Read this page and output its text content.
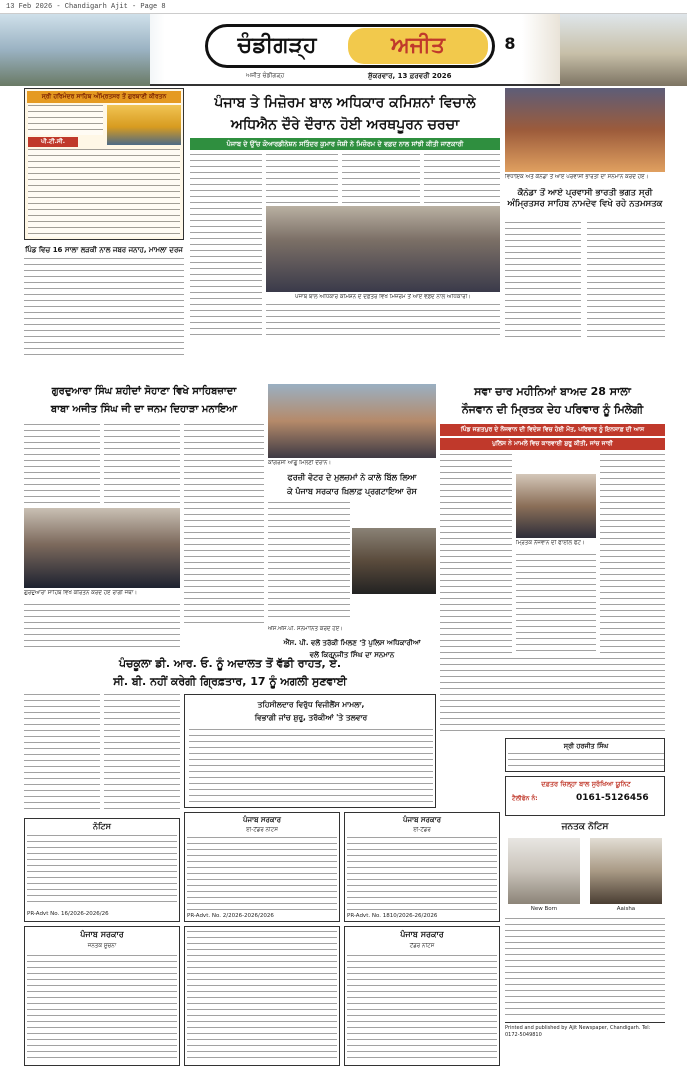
13 Feb 2026 - Chandigarh Ajit - Page 8
ਚੰਡੀਗੜ੍ਹ	ਅਜੀਤ
ਅਜੀਤ ਚੰਡੀਗੜ੍ਹ	ਸ਼ੁੱਕਰਵਾਰ, 13 ਫ਼ਰਵਰੀ 2026
8
ਸ੍ਰੀ ਹਰਿਮੰਦਰ ਸਾਹਿਬ ਅੰਮ੍ਰਿਤਸਰ ਤੋਂ ਗੁਰਬਾਣੀ ਕੀਰਤਨ
ਪੀ.ਟੀ.ਸੀ.
ਪਿੰਡ ਵਿਚ 16 ਸਾਲਾ ਲੜਕੀ ਨਾਲ ਜਬਰ ਜਨਾਹ, ਮਾਮਲਾ ਦਰਜ
ਪੰਜਾਬ ਤੇ ਮਿਜ਼ੋਰਮ ਬਾਲ ਅਧਿਕਾਰ ਕਮਿਸ਼ਨਾਂ ਵਿਚਾਲੇ
ਅਧਿਐਨ ਦੌਰੇ ਦੌਰਾਨ ਹੋਈ ਅਰਥਪੂਰਨ ਚਰਚਾ
ਪੰਜਾਬ ਦੇ ਉੱਚ ਕੋਆਰਡੀਨੇਸ਼ਨ ਸਤਿੰਦਰ ਕੁਮਾਰ ਜੋਸ਼ੀ ਨੇ ਮਿਜ਼ੋਰਮ ਦੇ ਵਫ਼ਦ ਨਾਲ ਸਾਂਝੀ ਕੀਤੀ ਜਾਣਕਾਰੀ
ਪੰਜਾਬ ਬਾਲ ਅਧਿਕਾਰ ਕਮਿਸ਼ਨ ਦੇ ਦਫ਼ਤਰ ਵਿਖੇ ਮਿਜ਼ੋਰਮ ਤੋਂ ਆਏ ਵਫ਼ਦ ਨਾਲ ਅਧਿਕਾਰੀ।
ਵਿਧਾਇਕ ਅਤੇ ਕੈਨੇਡਾ ਤੋਂ ਆਏ ਪਰਵਾਸੀ ਭਾਰਤੀ ਦਾ ਸਨਮਾਨ ਕਰਦੇ ਹੋਏ।
ਕੈਨੇਡਾ ਤੋਂ ਆਏ ਪ੍ਰਵਾਸੀ ਭਾਰਤੀ ਭਗਤ ਸ੍ਰੀ ਅੰਮ੍ਰਿਤਸਰ ਸਾਹਿਬ ਨਾਮਦੇਵ ਵਿਖੇ ਰਹੇ ਨਤਮਸਤਕ
ਗੁਰਦੁਆਰਾ ਸਿੰਘ ਸ਼ਹੀਦਾਂ ਸੋਹਾਣਾ ਵਿਖੇ ਸਾਹਿਬਜ਼ਾਦਾ
ਬਾਬਾ ਅਜੀਤ ਸਿੰਘ ਜੀ ਦਾ ਜਨਮ ਦਿਹਾੜਾ ਮਨਾਇਆ
ਗੁਰਦੁਆਰਾ ਸਾਹਿਬ ਵਿਖੇ ਕੀਰਤਨ ਕਰਦੇ ਹੋਏ ਰਾਗੀ ਜਥਾ।
ਕਾਂਗਰਸੀ ਆਗੂ ਮਿਲਣੀ ਦੌਰਾਨ।
ਫਰਜ਼ੀ ਵੋਟਰ ਦੇ ਮੁਲਜ਼ਮਾਂ ਨੇ ਕਾਲੇ ਬਿੱਲ ਲਿਆ
ਕੇ ਪੰਜਾਬ ਸਰਕਾਰ ਖ਼ਿਲਾਫ਼ ਪ੍ਰਗਟਾਇਆ ਰੋਸ
ਐੱਸ.ਐੱਸ.ਪੀ. ਸਨਮਾਨਿਤ ਕਰਦੇ ਹੋਏ।
ਐੱਸ. ਪੀ. ਵਲੋਂ ਤਰੱਕੀ ਮਿਲਣ 'ਤੇ ਪੁਲਿਸ ਅਧਿਕਾਰੀਆਂ
ਵਲੋਂ ਕਿਰਨਜੀਤ ਸਿੰਘ ਦਾ ਸਨਮਾਨ
ਸਵਾ ਚਾਰ ਮਹੀਨਿਆਂ ਬਾਅਦ 28 ਸਾਲਾ
ਨੌਜਵਾਨ ਦੀ ਮ੍ਰਿਤਕ ਦੇਹ ਪਰਿਵਾਰ ਨੂੰ ਮਿਲੇਗੀ
ਪਿੰਡ ਜਗਤਪੁਰ ਦੇ ਨੌਜਵਾਨ ਦੀ ਵਿਦੇਸ਼ ਵਿਚ ਹੋਈ ਮੌਤ, ਪਰਿਵਾਰ ਨੂੰ ਇਨਸਾਫ਼ ਦੀ ਆਸ
ਪੁਲਿਸ ਨੇ ਮਾਮਲੇ ਵਿਚ ਕਾਰਵਾਈ ਸ਼ੁਰੂ ਕੀਤੀ, ਜਾਂਚ ਜਾਰੀ
ਮ੍ਰਿਤਕ ਨੌਜਵਾਨ ਦੀ ਫਾਈਲ ਫੋਟੋ।
ਪੰਚਕੂਲਾ ਡੀ. ਆਰ. ਓ. ਨੂੰ ਅਦਾਲਤ ਤੋਂ ਵੱਡੀ ਰਾਹਤ, ਏ.
ਸੀ. ਬੀ. ਨਹੀਂ ਕਰੇਗੀ ਗ੍ਰਿਫ਼ਤਾਰ, 17 ਨੂੰ ਅਗਲੀ ਸੁਣਵਾਈ
ਤਹਿਸੀਲਦਾਰ ਵਿਰੁੱਧ ਵਿਜੀਲੈਂਸ ਮਾਮਲਾ,
ਵਿਭਾਗੀ ਜਾਂਚ ਸ਼ੁਰੂ, ਤਰੱਕੀਆਂ 'ਤੇ ਤਲਵਾਰ
ਸ੍ਰੀ ਹਰਜੀਤ ਸਿੰਘ
ਦਫ਼ਤਰ ਜ਼ਿਲ੍ਹਾ ਬਾਲ ਸੁਰੱਖਿਆ ਯੂਨਿਟ
ਟੈਲੀਫੋਨ ਨੰ:	0161-5126456
ਜਨਤਕ ਨੋਟਿਸ
New Born	Aaisha
ਨੋਟਿਸ
PR-Advt No. 16/2026-2026/26
ਪੰਜਾਬ ਸਰਕਾਰ
ਈ-ਟੈਂਡਰ ਨੋਟਿਸ
PR-Advt. No. 2/2026-2026/2026
ਪੰਜਾਬ ਸਰਕਾਰ
ਈ-ਟੈਂਡਰ
PR-Advt. No. 1810/2026-26/2026
ਪੰਜਾਬ ਸਰਕਾਰ
ਜਨਤਕ ਸੂਚਨਾ
ਪੰਜਾਬ ਸਰਕਾਰ
ਟੈਂਡਰ ਨੋਟਿਸ
Printed and published by Ajit Newspaper, Chandigarh. Tel: 0172-5049810
